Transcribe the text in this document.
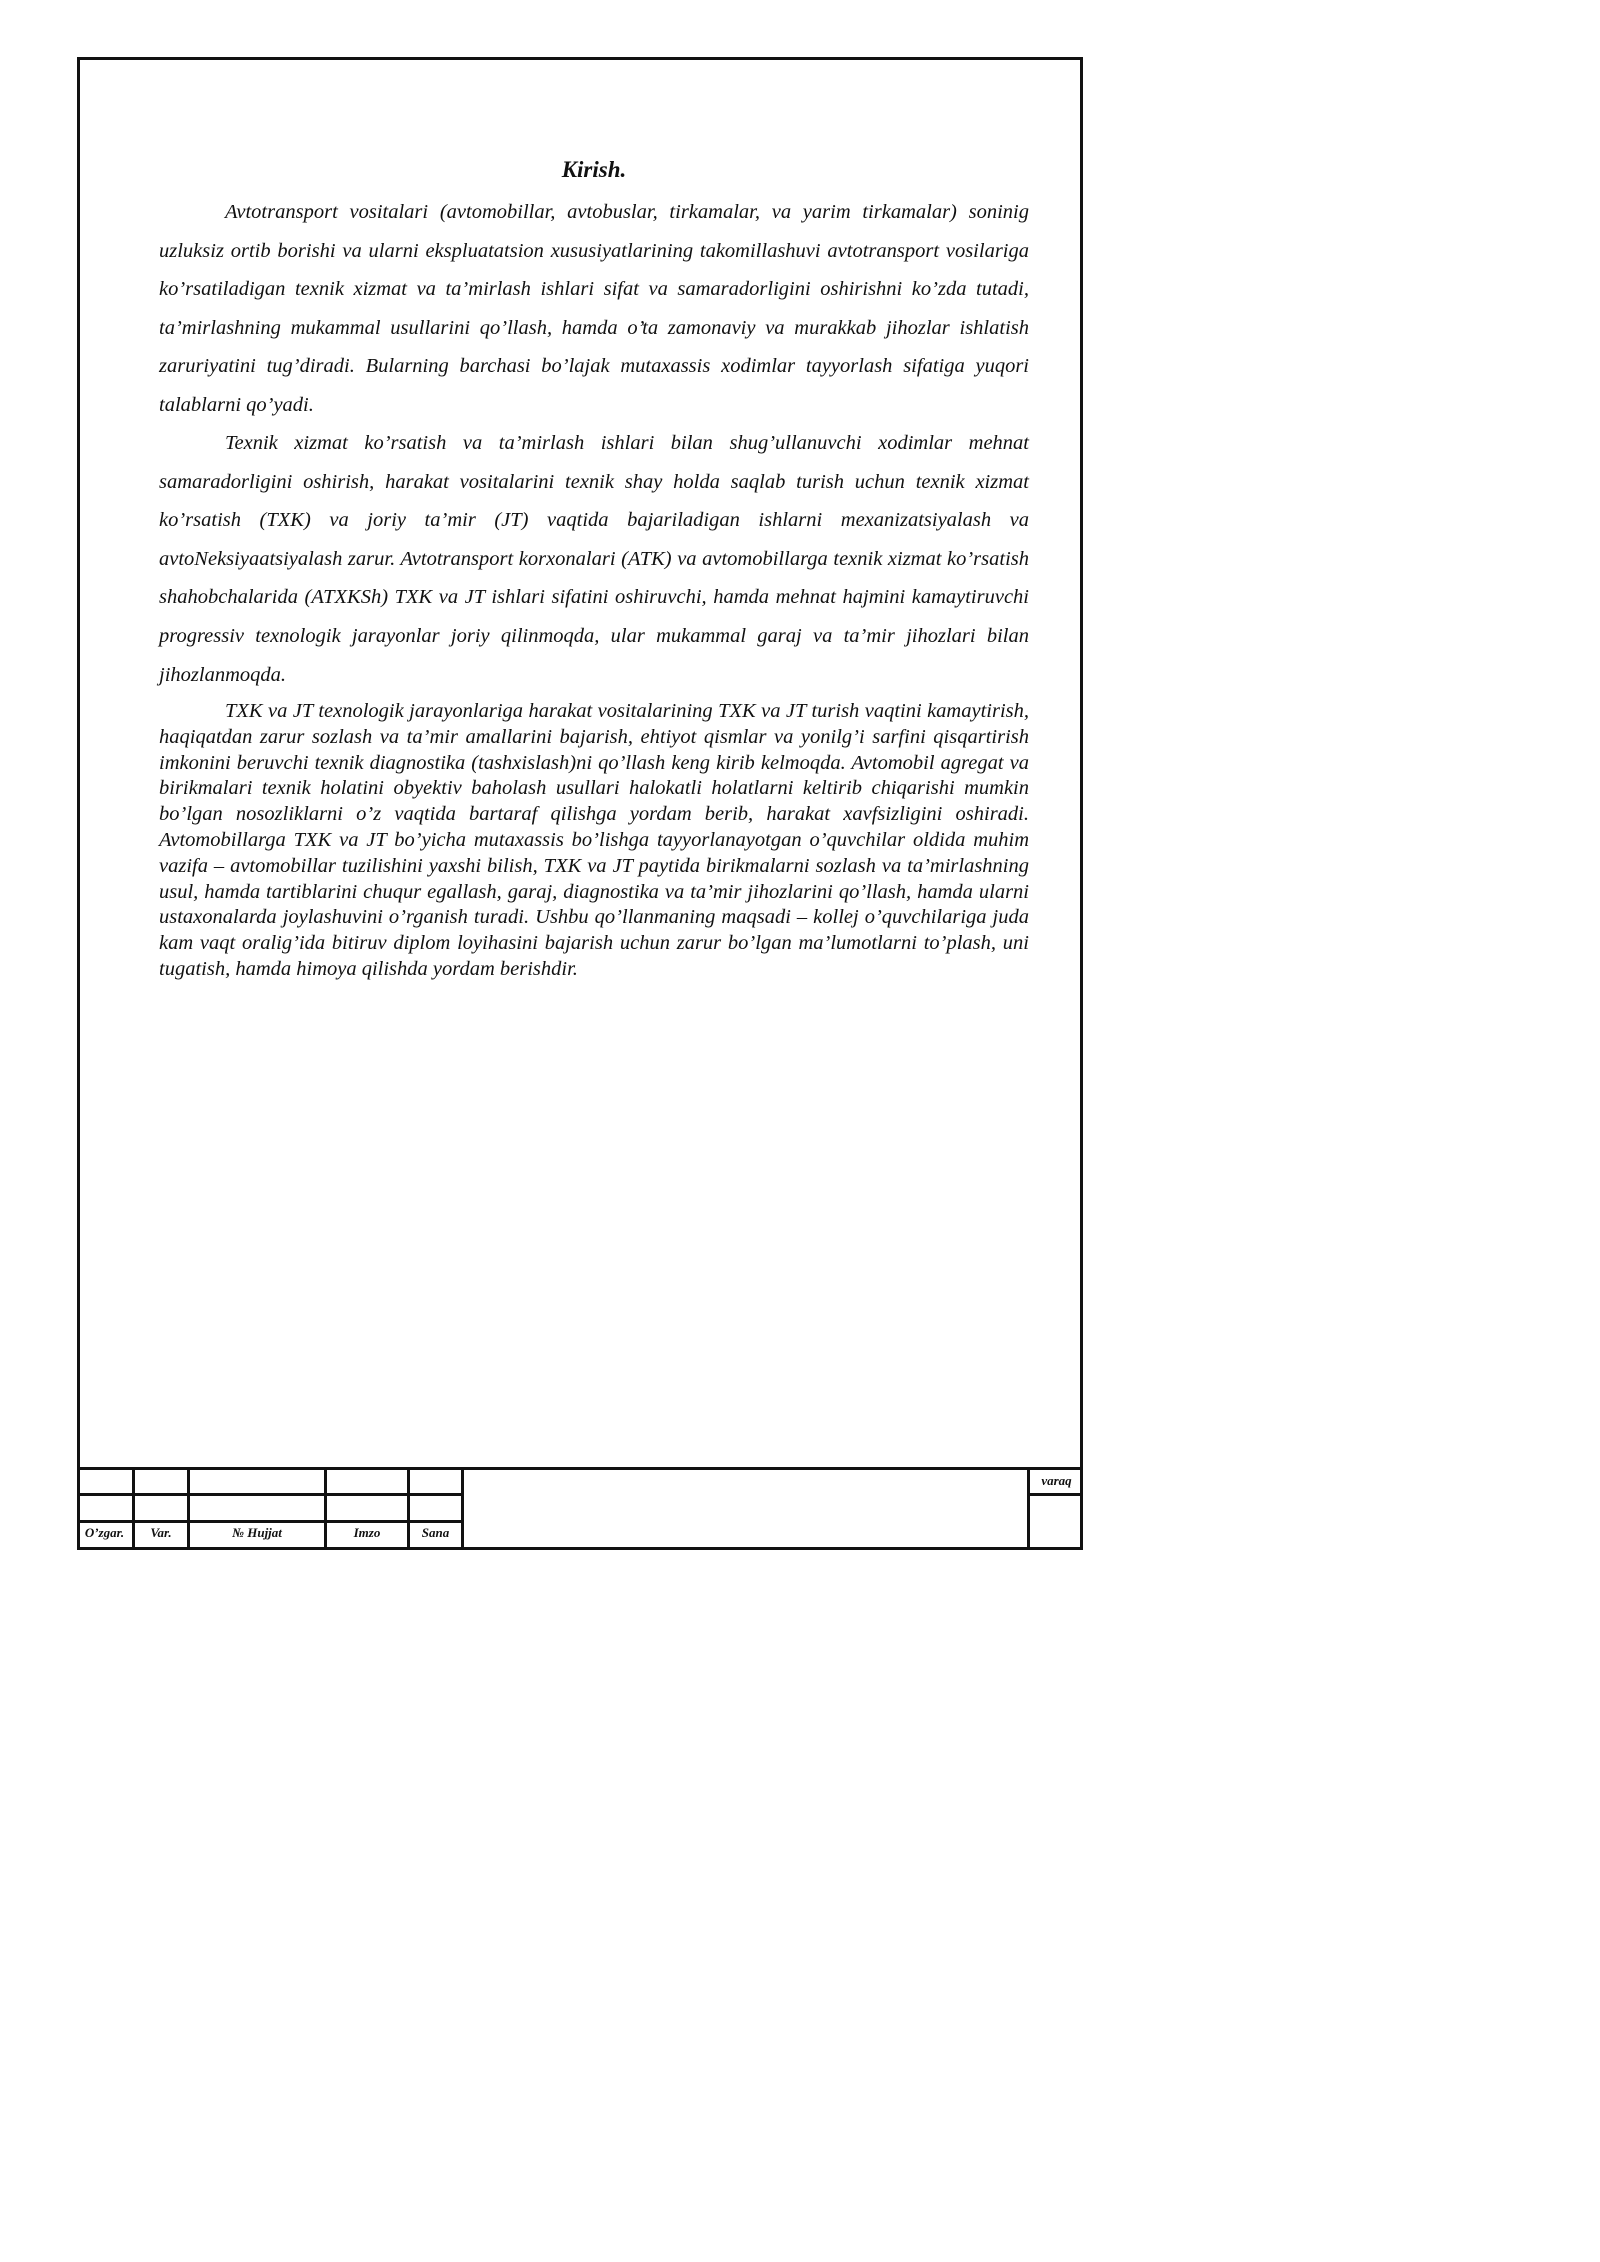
Kirish.

Avtotransport vositalari (avtomobillar, avtobuslar, tirkamalar, va yarim tirkamalar) soninig uzluksiz ortib borishi va ularni ekspluatatsion xususiyatlarining takomillashuvi avtotransport vosilariga ko’rsatiladigan texnik xizmat va ta’mirlash ishlari sifat va samaradorligini oshirishni ko’zda tutadi, ta’mirlashning mukammal usullarini qo’llash, hamda o’ta zamonaviy va murakkab jihozlar ishlatish zaruriyatini tug’diradi. Bularning barchasi bo’lajak mutaxassis xodimlar tayyorlash sifatiga yuqori talablarni qo’yadi.

Texnik xizmat ko’rsatish va ta’mirlash ishlari bilan shug’ullanuvchi xodimlar mehnat samaradorligini oshirish, harakat vositalarini texnik shay holda saqlab turish uchun texnik xizmat ko’rsatish (TXK) va joriy ta’mir (JT) vaqtida bajariladigan ishlarni mexanizatsiyalash va avtoNeksiyaatsiyalash zarur. Avtotransport korxonalari (ATK) va avtomobillarga texnik xizmat ko’rsatish shahobchalarida (ATXKSh) TXK va JT ishlari sifatini oshiruvchi, hamda mehnat hajmini kamaytiruvchi progressiv texnologik jarayonlar joriy qilinmoqda, ular mukammal garaj va ta’mir jihozlari bilan jihozlanmoqda.

TXK va JT texnologik jarayonlariga harakat vositalarining TXK va JT turish vaqtini kamaytirish, haqiqatdan zarur sozlash va ta’mir amallarini bajarish, ehtiyot qismlar va yonilg’i sarfini qisqartirish imkonini beruvchi texnik diagnostika (tashxislash)ni qo’llash keng kirib kelmoqda. Avtomobil agregat va birikmalari texnik holatini obyektiv baholash usullari halokatli holatlarni keltirib chiqarishi mumkin bo’lgan nosozliklarni o’z vaqtida bartaraf qilishga yordam berib, harakat xavfsizligini oshiradi. Avtomobillarga TXK va JT bo’yicha mutaxassis bo’lishga tayyorlanayotgan o’quvchilar oldida muhim vazifa – avtomobillar tuzilishini yaxshi bilish, TXK va JT paytida birikmalarni sozlash va ta’mirlashning usul, hamda tartiblarini chuqur egallash, garaj, diagnostika va ta’mir jihozlarini qo’llash, hamda ularni ustaxonalarda joylashuvini o’rganish turadi. Ushbu qo’llanmaning maqsadi – kollej o’quvchilariga juda kam vaqt oralig’ida bitiruv diplom loyihasini bajarish uchun zarur bo’lgan ma’lumotlarni to’plash, uni tugatish, hamda himoya qilishda yordam berishdir.

O’zgar.	Var.	№ Hujjat	Imzo	Sana
varaq
